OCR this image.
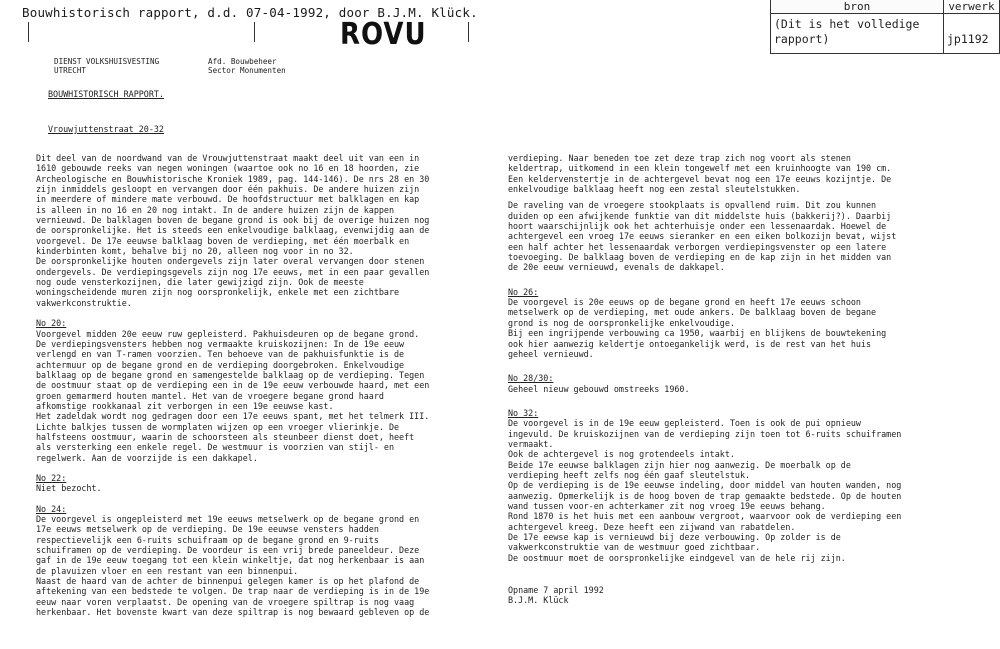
Bouwhistorisch rapport, d.d. 07-04-1992, door B.J.M. Klück.
ROVU
bron	verwerk
(Dit is het volledige rapport)	jp1192
DIENST VOLKSHUISVESTING
UTRECHT
Afd. Bouwbeheer
Sector Monumenten
BOUWHISTORISCH RAPPORT.
Vrouwjuttenstraat 20-32

Dit deel van de noordwand van de Vrouwjuttenstraat maakt deel uit van een in

1610 gebouwde reeks van negen woningen (waartoe ook no 16 en 18 hoorden, zie

Archeologische en Bouwhistorische Kroniek 1989, pag. 144-146). De nrs 28 en 30

zijn inmiddels gesloopt en vervangen door één pakhuis. De andere huizen zijn

in meerdere of mindere mate verbouwd. De hoofdstructuur met balklagen en kap

is alleen in no 16 en 20 nog intakt. In de andere huizen zijn de kappen

vernieuwd. De balklagen boven de begane grond is ook bij de overige huizen nog

de oorspronkelijke. Het is steeds een enkelvoudige balklaag, evenwijdig aan de

voorgevel. De 17e eeuwse balklaag boven de verdieping, met één moerbalk en

kinderbinten komt, behalve bij no 20, alleen nog voor in no 32.

De oorspronkelijke houten ondergevels zijn later overal vervangen door stenen

ondergevels. De verdiepingsgevels zijn nog 17e eeuws, met in een paar gevallen

nog oude vensterkozijnen, die later gewijzigd zijn. Ook de meeste

woningscheidende muren zijn nog oorspronkelijk, enkele met een zichtbare

vakwerkconstruktie.

No 20:

Voorgevel midden 20e eeuw ruw gepleisterd. Pakhuisdeuren op de begane grond.

De verdiepingsvensters hebben nog vermaakte kruiskozijnen: In de 19e eeuw

verlengd en van T-ramen voorzien. Ten behoeve van de pakhuisfunktie is de

achtermuur op de begane grond en de verdieping doorgebroken. Enkelvoudige

balklaag op de begane grond en samengestelde balklaag op de verdieping. Tegen

de oostmuur staat op de verdieping een in de 19e eeuw verbouwde haard, met een

groen gemarmerd houten mantel. Het van de vroegere begane grond haard

afkomstige rookkanaal zit verborgen in een 19e eeuwse kast.

Het zadeldak wordt nog gedragen door een 17e eeuws spant, met het telmerk III.

Lichte balkjes tussen de wormplaten wijzen op een vroeger vlierinkje. De

halfsteens oostmuur, waarin de schoorsteen als steunbeer dienst doet, heeft

als versterking een enkele regel. De westmuur is voorzien van stijl- en

regelwerk. Aan de voorzijde is een dakkapel.

No 22:

Niet bezocht.

No 24:

De voorgevel is ongepleisterd met 19e eeuws metselwerk op de begane grond en

17e eeuws metselwerk op de verdieping. De 19e eeuwse vensters hadden

respectievelijk een 6-ruits schuifraam op de begane grond en 9-ruits

schuiframen op de verdieping. De voordeur is een vrij brede paneeldeur. Deze

gaf in de 19e eeuw toegang tot een klein winkeltje, dat nog herkenbaar is aan

de plavuizen vloer en een restant van een binnenpui.

Naast de haard van de achter de binnenpui gelegen kamer is op het plafond de

aftekening van een bedstede te volgen. De trap naar de verdieping is in de 19e

eeuw naar voren verplaatst. De opening van de vroegere spiltrap is nog vaag

herkenbaar. Het bovenste kwart van deze spiltrap is nog bewaard gebleven op de

verdieping. Naar beneden toe zet deze trap zich nog voort als stenen

keldertrap, uitkomend in een klein tongewelf met een kruinhoogte van 190 cm.

Een keldervenstertje in de achtergevel bevat nog een 17e eeuws kozijntje. De

enkelvoudige balklaag heeft nog een zestal sleutelstukken.

De raveling van de vroegere stookplaats is opvallend ruim. Dit zou kunnen

duiden op een afwijkende funktie van dit middelste huis (bakkerij?). Daarbij

hoort waarschijnlijk ook het achterhuisje onder een lessenaardak. Hoewel de

achtergevel een vroeg 17e eeuws sieranker en een eiken bolkozijn bevat, wijst

een half achter het lessenaardak verborgen verdiepingsvenster op een latere

toevoeging. De balklaag boven de verdieping en de kap zijn in het midden van

de 20e eeuw vernieuwd, evenals de dakkapel.

No 26:

De voorgevel is 20e eeuws op de begane grond en heeft 17e eeuws schoon

metselwerk op de verdieping, met oude ankers. De balklaag boven de begane

grond is nog de oorspronkelijke enkelvoudige.

Bij een ingrijpende verbouwing ca 1950, waarbij en blijkens de bouwtekening

ook hier aanwezig keldertje ontoegankelijk werd, is de rest van het huis

geheel vernieuwd.

No 28/30:

Geheel nieuw gebouwd omstreeks 1960.

No 32:

De voorgevel is in de 19e eeuw gepleisterd. Toen is ook de pui opnieuw

ingevuld. De kruiskozijnen van de verdieping zijn toen tot 6-ruits schuiframen

vermaakt.

Ook de achtergevel is nog grotendeels intakt.

Beide 17e eeuwse balklagen zijn hier nog aanwezig. De moerbalk op de

verdieping heeft zelfs nog één gaaf sleutelstuk.

Op de verdieping is de 19e eeuwse indeling, door middel van houten wanden, nog

aanwezig. Opmerkelijk is de hoog boven de trap gemaakte bedstede. Op de houten

wand tussen voor-en achterkamer zit nog vroeg 19e eeuws behang.

Rond 1870 is het huis met een aanbouw vergroot, waarvoor ook de verdieping een

achtergevel kreeg. Deze heeft een zijwand van rabatdelen.

De 17e eewse kap is vernieuwd bij deze verbouwing. Op zolder is de

vakwerkconstruktie van de westmuur goed zichtbaar.

De oostmuur moet de oorspronkelijke eindgevel van de hele rij zijn.

Opname 7 april 1992

B.J.M. Klück
